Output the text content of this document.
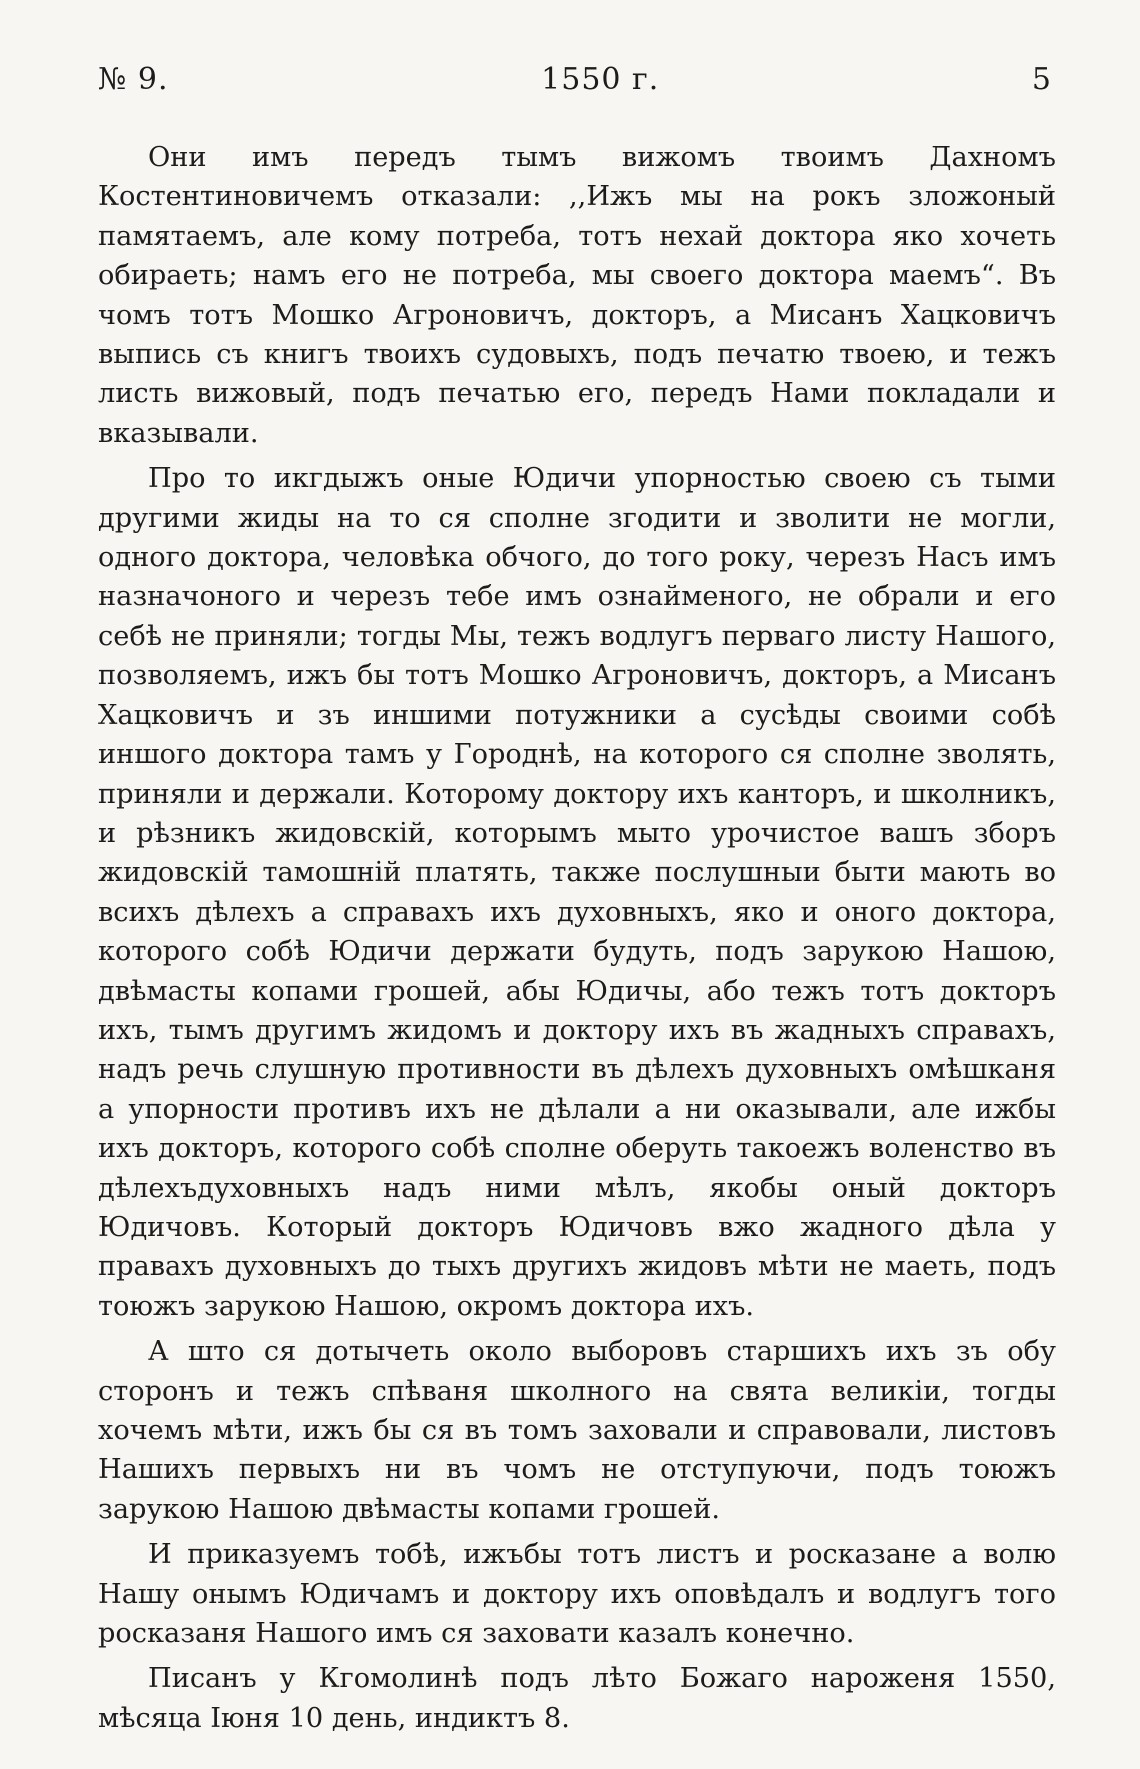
№ 9.	1550 г.	5

Они имъ передъ тымъ вижомъ твоимъ Дахномъ Костентиновичемъ отказали: ,,Ижъ мы на рокъ зложоный памятаемъ, але кому потреба, тотъ нехай доктора яко хочеть обираеть; намъ его не потреба, мы своего доктора маемъ“. Въ чомъ тотъ Мошко Агроновичъ, докторъ, а Мисанъ Хацковичъ выпись съ книгъ твоихъ судовыхъ, подъ печатю твоею, и тежъ листь вижовый, подъ печатью его, передъ Нами покладали и вказывали.

Про то икгдыжъ оные Юдичи упорностью своею съ тыми другими жиды на то ся сполне згодити и зволити не могли, одного доктора, человѣка обчого, до того року, черезъ Насъ имъ назначоного и черезъ тебе имъ ознайменого, не обрали и его себѣ не приняли; тогды Мы, тежъ водлугъ перваго листу Нашого, позволяемъ, ижъ бы тотъ Мошко Агроновичъ, докторъ, а Мисанъ Хацковичъ и зъ иншими потужники а сусѣды своими собѣ иншого доктора тамъ у Городнѣ, на которого ся сполне зволять, приняли и держали. Которому доктору ихъ канторъ, и школникъ, и рѣзникъ жидовскій, которымъ мыто урочистое вашъ зборъ жидовскій тамошній платять, также послушныи быти мають во всихъ дѣлехъ а справахъ ихъ духовныхъ, яко и оного доктора, которого собѣ Юдичи держати будуть, подъ зарукою Нашою, двѣмасты копами грошей, абы Юдичы, або тежъ тотъ докторъ ихъ, тымъ другимъ жидомъ и доктору ихъ въ жадныхъ справахъ, надъ речь слушную противности въ дѣлехъ духовныхъ омѣшканя а упорности противъ ихъ не дѣлали а ни оказывали, але ижбы ихъ докторъ, которого собѣ сполне оберуть такоежъ воленство въ дѣлехъдуховныхъ надъ ними мѣлъ, якобы оный докторъ Юдичовъ. Который докторъ Юдичовъ вжо жадного дѣла у правахъ духовныхъ до тыхъ другихъ жидовъ мѣти не маеть, подъ тоюжъ зарукою Нашою, окромъ доктора ихъ.

А што ся дотычеть около выборовъ старшихъ ихъ зъ обу сторонъ и тежъ спѣваня школного на свята великіи, тогды хочемъ мѣти, ижъ бы ся въ томъ заховали и справовали, листовъ Нашихъ первыхъ ни въ чомъ не отступуючи, подъ тоюжъ зарукою Нашою двѣмасты копами грошей.

И приказуемъ тобѣ, ижъбы тотъ листъ и росказане а волю Нашу онымъ Юдичамъ и доктору ихъ оповѣдалъ и водлугъ того росказаня Нашого имъ ся заховати казалъ конечно.

Писанъ у Кгомолинѣ подъ лѣто Божаго нароженя 1550, мѣсяца Іюня 10 день, индиктъ 8.
